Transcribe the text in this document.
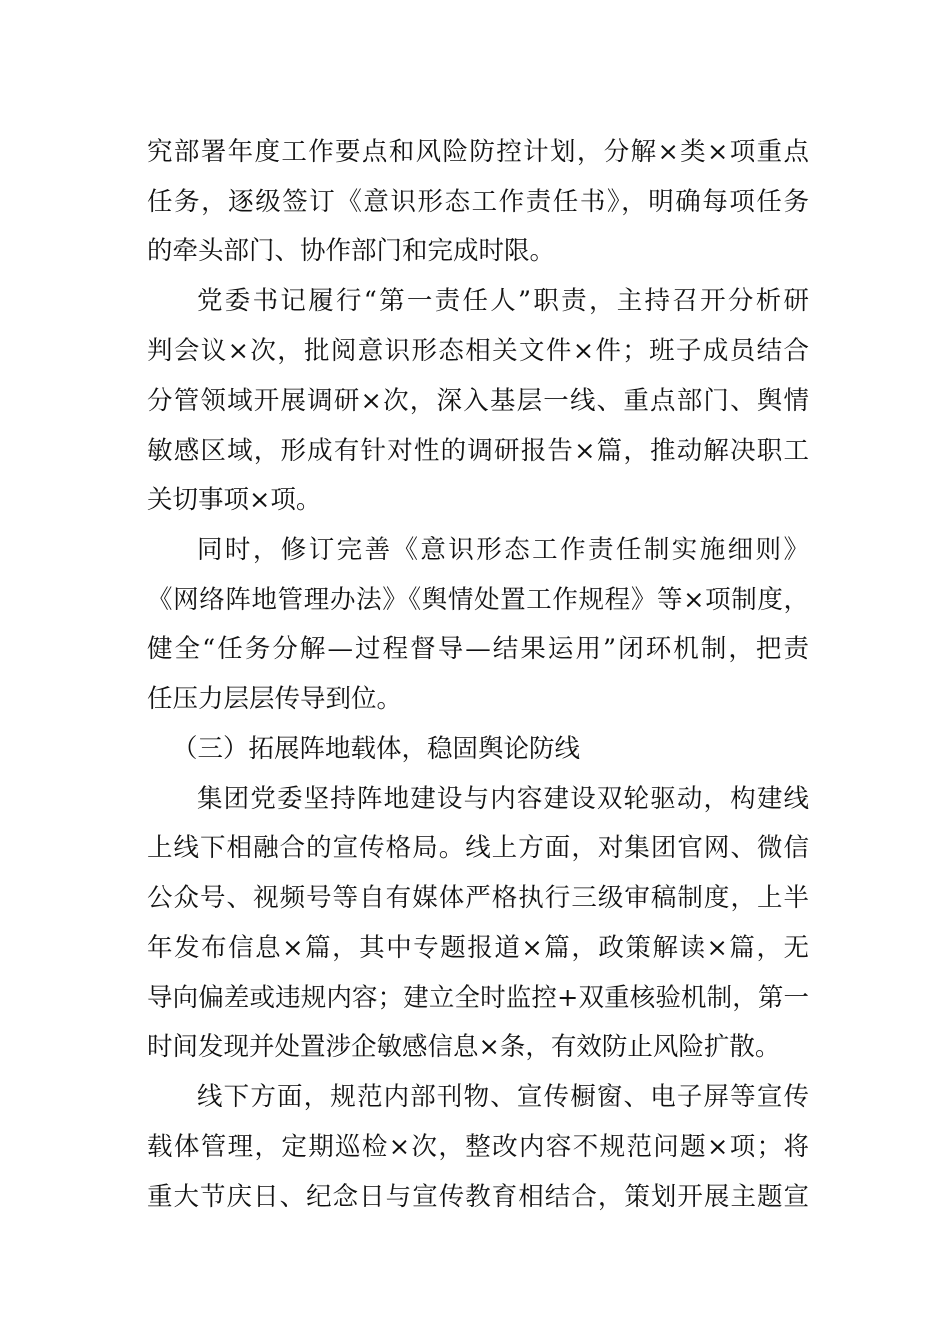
究部署年度工作要点和风险防控计划，分解×类×项重点
任务，逐级签订《意识形态工作责任书》，明确每项任务
的牵头部门、协作部门和完成时限。
党委书记履行“第一责任人”职责，主持召开分析研
判会议×次，批阅意识形态相关文件×件；班子成员结合
分管领域开展调研×次，深入基层一线、重点部门、舆情
敏感区域，形成有针对性的调研报告×篇，推动解决职工
关切事项×项。
同时，修订完善《意识形态工作责任制实施细则》
《网络阵地管理办法》《舆情处置工作规程》等×项制度，
健全“任务分解—过程督导—结果运用”闭环机制，把责
任压力层层传导到位。
（三）拓展阵地载体，稳固舆论防线
集团党委坚持阵地建设与内容建设双轮驱动，构建线
上线下相融合的宣传格局。线上方面，对集团官网、微信
公众号、视频号等自有媒体严格执行三级审稿制度，上半
年发布信息×篇，其中专题报道×篇，政策解读×篇，无
导向偏差或违规内容；建立全时监控+双重核验机制，第一
时间发现并处置涉企敏感信息×条，有效防止风险扩散。
线下方面，规范内部刊物、宣传橱窗、电子屏等宣传
载体管理，定期巡检×次，整改内容不规范问题×项；将
重大节庆日、纪念日与宣传教育相结合，策划开展主题宣
